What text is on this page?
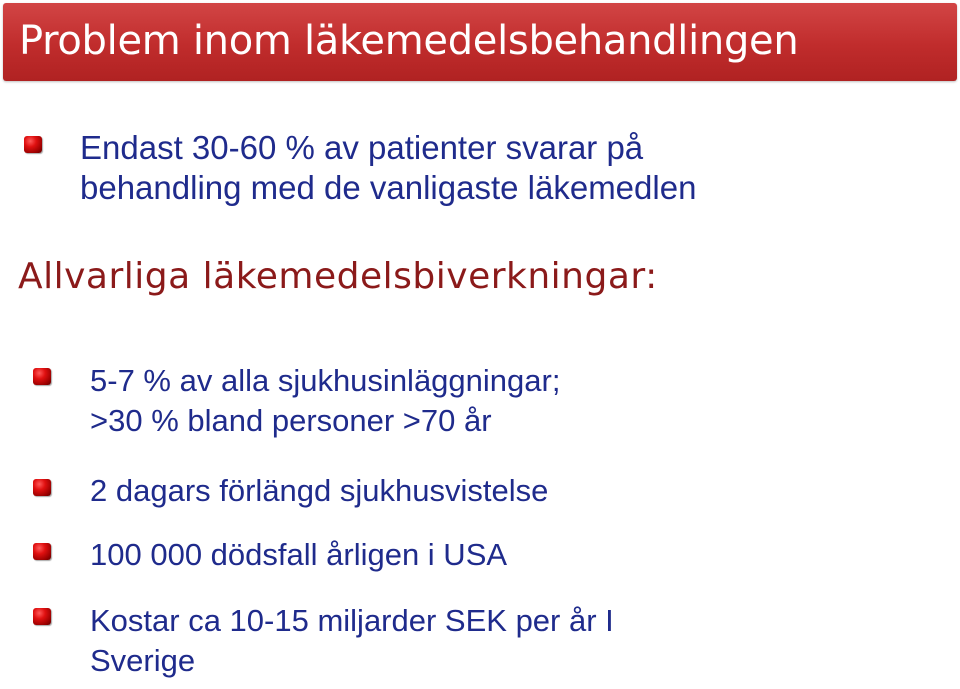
Problem inom läkemedelsbehandlingen
Endast 30-60 % av patienter svarar på
behandling med de vanligaste läkemedlen
Allvarliga läkemedelsbiverkningar:
5-7 % av alla sjukhusinläggningar;
>30 % bland personer >70 år
2 dagars förlängd sjukhusvistelse
100 000 dödsfall årligen i USA
Kostar ca 10-15 miljarder SEK per år I
Sverige
